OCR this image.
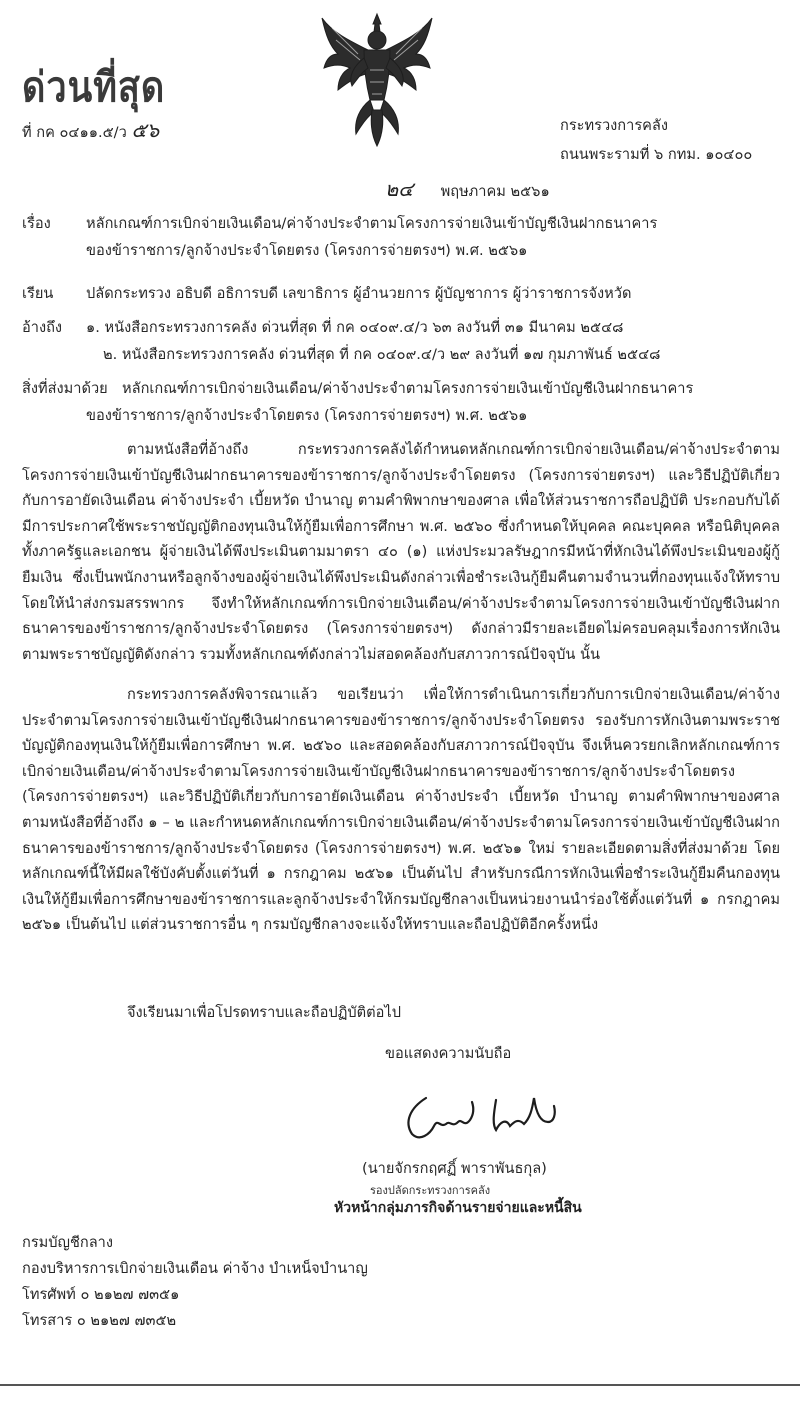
ด่วนที่สุด
ที่ กค ๐๔๑๑.๕/ว ๕๖	กระทรวงการคลัง
ถนนพระรามที่ ๖ กทม. ๑๐๔๐๐
๒๔ พฤษภาคม ๒๕๖๑
เรื่อง หลักเกณฑ์การเบิกจ่ายเงินเดือน/ค่าจ้างประจำตามโครงการจ่ายเงินเข้าบัญชีเงินฝากธนาคาร
ของข้าราชการ/ลูกจ้างประจำโดยตรง (โครงการจ่ายตรงฯ) พ.ศ. ๒๕๖๑
เรียน ปลัดกระทรวง อธิบดี อธิการบดี เลขาธิการ ผู้อำนวยการ ผู้บัญชาการ ผู้ว่าราชการจังหวัด
อ้างถึง ๑. หนังสือกระทรวงการคลัง ด่วนที่สุด ที่ กค ๐๔๐๙.๔/ว ๖๓ ลงวันที่ ๓๑ มีนาคม ๒๕๔๘
๒. หนังสือกระทรวงการคลัง ด่วนที่สุด ที่ กค ๐๔๐๙.๔/ว ๒๙ ลงวันที่ ๑๗ กุมภาพันธ์ ๒๕๔๘
สิ่งที่ส่งมาด้วย หลักเกณฑ์การเบิกจ่ายเงินเดือน/ค่าจ้างประจำตามโครงการจ่ายเงินเข้าบัญชีเงินฝากธนาคาร
ของข้าราชการ/ลูกจ้างประจำโดยตรง (โครงการจ่ายตรงฯ) พ.ศ. ๒๕๖๑
ตามหนังสือที่อ้างถึง กระทรวงการคลังได้กำหนดหลักเกณฑ์การเบิกจ่ายเงินเดือน/ค่าจ้างประจำตามโครงการจ่ายเงินเข้าบัญชีเงินฝากธนาคารของข้าราชการ/ลูกจ้างประจำโดยตรง (โครงการจ่ายตรงฯ) และวิธีปฏิบัติเกี่ยวกับการอายัดเงินเดือน ค่าจ้างประจำ เบี้ยหวัด บำนาญ ตามคำพิพากษาของศาล เพื่อให้ส่วนราชการถือปฏิบัติ ประกอบกับได้มีการประกาศใช้พระราชบัญญัติกองทุนเงินให้กู้ยืมเพื่อการศึกษา พ.ศ. ๒๕๖๐ ซึ่งกำหนดให้บุคคล คณะบุคคล หรือนิติบุคคลทั้งภาครัฐและเอกชน ผู้จ่ายเงินได้พึงประเมินตามมาตรา ๔๐ (๑) แห่งประมวลรัษฎากรมีหน้าที่หักเงินได้พึงประเมินของผู้กู้ยืมเงิน ซึ่งเป็นพนักงานหรือลูกจ้างของผู้จ่ายเงินได้พึงประเมินดังกล่าวเพื่อชำระเงินกู้ยืมคืนตามจำนวนที่กองทุนแจ้งให้ทราบ โดยให้นำส่งกรมสรรพากร จึงทำให้หลักเกณฑ์การเบิกจ่ายเงินเดือน/ค่าจ้างประจำตามโครงการจ่ายเงินเข้าบัญชีเงินฝากธนาคารของข้าราชการ/ลูกจ้างประจำโดยตรง (โครงการจ่ายตรงฯ) ดังกล่าวมีรายละเอียดไม่ครอบคลุมเรื่องการหักเงินตามพระราชบัญญัติดังกล่าว รวมทั้งหลักเกณฑ์ดังกล่าวไม่สอดคล้องกับสภาวการณ์ปัจจุบัน นั้น
กระทรวงการคลังพิจารณาแล้ว ขอเรียนว่า เพื่อให้การดำเนินการเกี่ยวกับการเบิกจ่ายเงินเดือน/ค่าจ้างประจำตามโครงการจ่ายเงินเข้าบัญชีเงินฝากธนาคารของข้าราชการ/ลูกจ้างประจำโดยตรง รองรับการหักเงินตามพระราชบัญญัติกองทุนเงินให้กู้ยืมเพื่อการศึกษา พ.ศ. ๒๕๖๐ และสอดคล้องกับสภาวการณ์ปัจจุบัน จึงเห็นควรยกเลิกหลักเกณฑ์การเบิกจ่ายเงินเดือน/ค่าจ้างประจำตามโครงการจ่ายเงินเข้าบัญชีเงินฝากธนาคารของข้าราชการ/ลูกจ้างประจำโดยตรง (โครงการจ่ายตรงฯ) และวิธีปฏิบัติเกี่ยวกับการอายัดเงินเดือน ค่าจ้างประจำ เบี้ยหวัด บำนาญ ตามคำพิพากษาของศาล ตามหนังสือที่อ้างถึง ๑ – ๒ และกำหนดหลักเกณฑ์การเบิกจ่ายเงินเดือน/ค่าจ้างประจำตามโครงการจ่ายเงินเข้าบัญชีเงินฝากธนาคารของข้าราชการ/ลูกจ้างประจำโดยตรง (โครงการจ่ายตรงฯ) พ.ศ. ๒๕๖๑ ใหม่ รายละเอียดตามสิ่งที่ส่งมาด้วย โดยหลักเกณฑ์นี้ให้มีผลใช้บังคับตั้งแต่วันที่ ๑ กรกฎาคม ๒๕๖๑ เป็นต้นไป สำหรับกรณีการหักเงินเพื่อชำระเงินกู้ยืมคืนกองทุนเงินให้กู้ยืมเพื่อการศึกษาของข้าราชการและลูกจ้างประจำให้กรมบัญชีกลางเป็นหน่วยงานนำร่องใช้ตั้งแต่วันที่ ๑ กรกฎาคม ๒๕๖๑ เป็นต้นไป แต่ส่วนราชการอื่น ๆ กรมบัญชีกลางจะแจ้งให้ทราบและถือปฏิบัติอีกครั้งหนึ่ง
จึงเรียนมาเพื่อโปรดทราบและถือปฏิบัติต่อไป
ขอแสดงความนับถือ
(นายจักรกฤศฏิ์ พาราพันธกุล)
รองปลัดกระทรวงการคลัง
หัวหน้ากลุ่มภารกิจด้านรายจ่ายและหนี้สิน
กรมบัญชีกลาง
กองบริหารการเบิกจ่ายเงินเดือน ค่าจ้าง บำเหน็จบำนาญ
โทรศัพท์ ๐ ๒๑๒๗ ๗๓๕๑
โทรสาร ๐ ๒๑๒๗ ๗๓๕๒
